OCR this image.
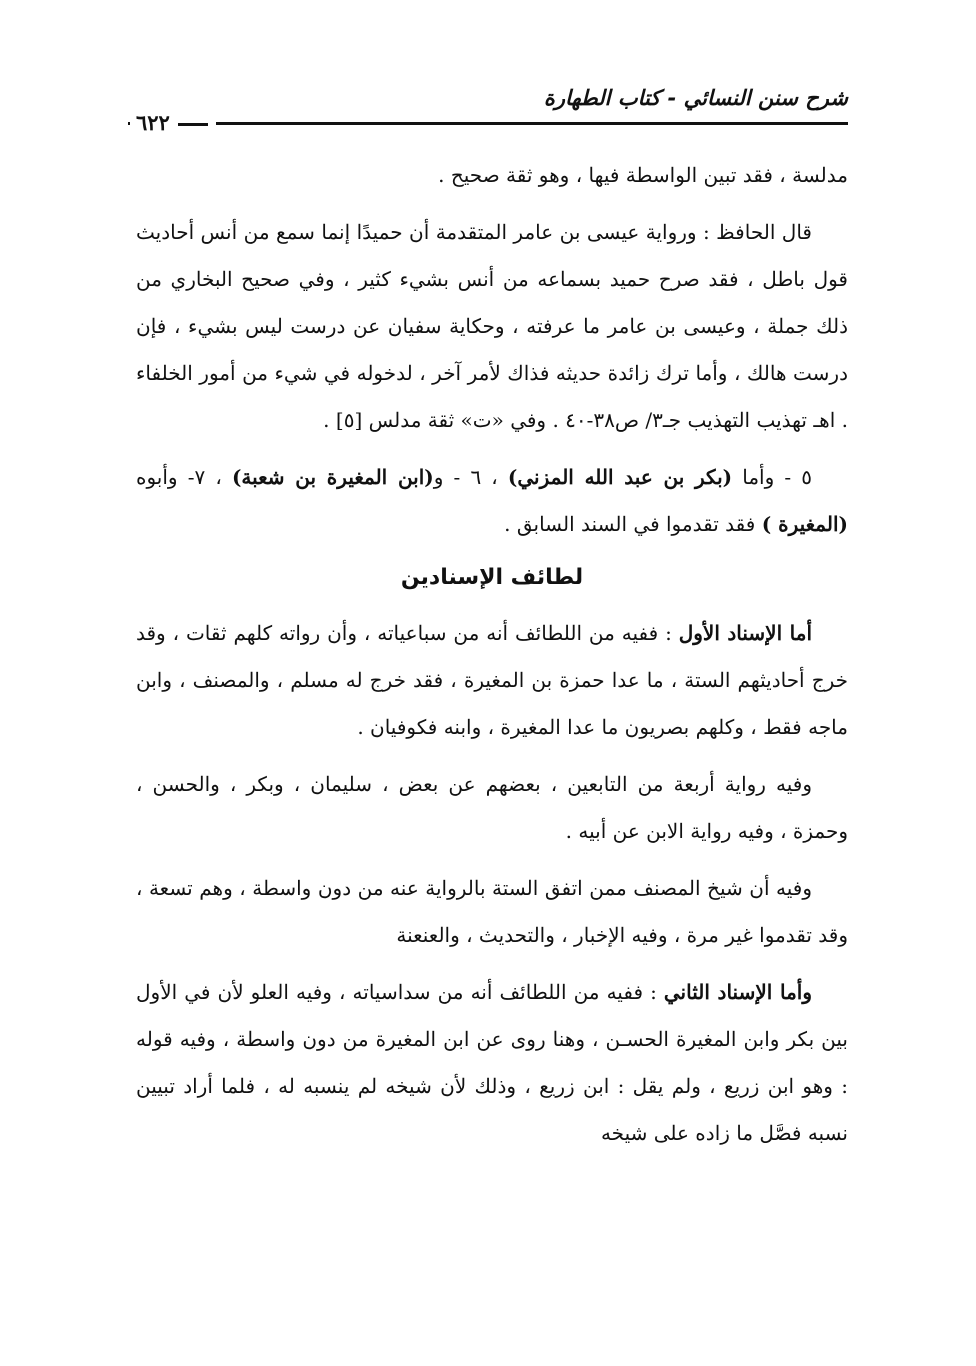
شرح سنن النسائي - كتاب الطهارة
٦٢٢

مدلسة ، فقد تبين الواسطة فيها ، وهو ثقة صحيح .

قال الحافظ : ورواية عيسى بن عامر المتقدمة أن حميدًا إنما سمع من أنس أحاديث قول باطل ، فقد صرح حميد بسماعه من أنس بشيء كثير ، وفي صحيح البخاري من ذلك جملة ، وعيسى بن عامر ما عرفته ، وحكاية سفيان عن درست ليس بشيء ، فإن درست هالك ، وأما ترك زائدة حديثه فذاك لأمر آخر ، لدخوله في شيء من أمور الخلفاء . اهـ تهذيب التهذيب جـ٣/ ص٣٨-٤٠ . وفي «ت» ثقة مدلس [٥] .

٥ - وأما (بكر بن عبد الله المزني) ، ٦ - و(ابن المغيرة بن شعبة) ، ٧- وأبوه (المغيرة ) فقد تقدموا في السند السابق .

لطائف الإسنادين

أما الإسناد الأول : ففيه من اللطائف أنه من سباعياته ، وأن رواته كلهم ثقات ، وقد خرج أحاديثهم الستة ، ما عدا حمزة بن المغيرة ، فقد خرج له مسلم ، والمصنف ، وابن ماجه فقط ، وكلهم بصريون ما عدا المغيرة ، وابنه فكوفيان .

وفيه رواية أربعة من التابعين ، بعضهم عن بعض ، سليمان ، وبكر ، والحسن ، وحمزة ، وفيه رواية الابن عن أبيه .

وفيه أن شيخ المصنف ممن اتفق الستة بالرواية عنه من دون واسطة ، وهم تسعة ، وقد تقدموا غير مرة ، وفيه الإخبار ، والتحديث ، والعنعنة

وأما الإسناد الثاني : ففيه من اللطائف أنه من سداسياته ، وفيه العلو لأن في الأول بين بكر وابن المغيرة الحسـن ، وهنا روى عن ابن المغيرة من دون واسطة ، وفيه قوله : وهو ابن زريع ، ولم يقل : ابن زريع ، وذلك لأن شيخه لم ينسبه له ، فلما أراد تبيين نسبه فصَّل ما زاده على شيخه
